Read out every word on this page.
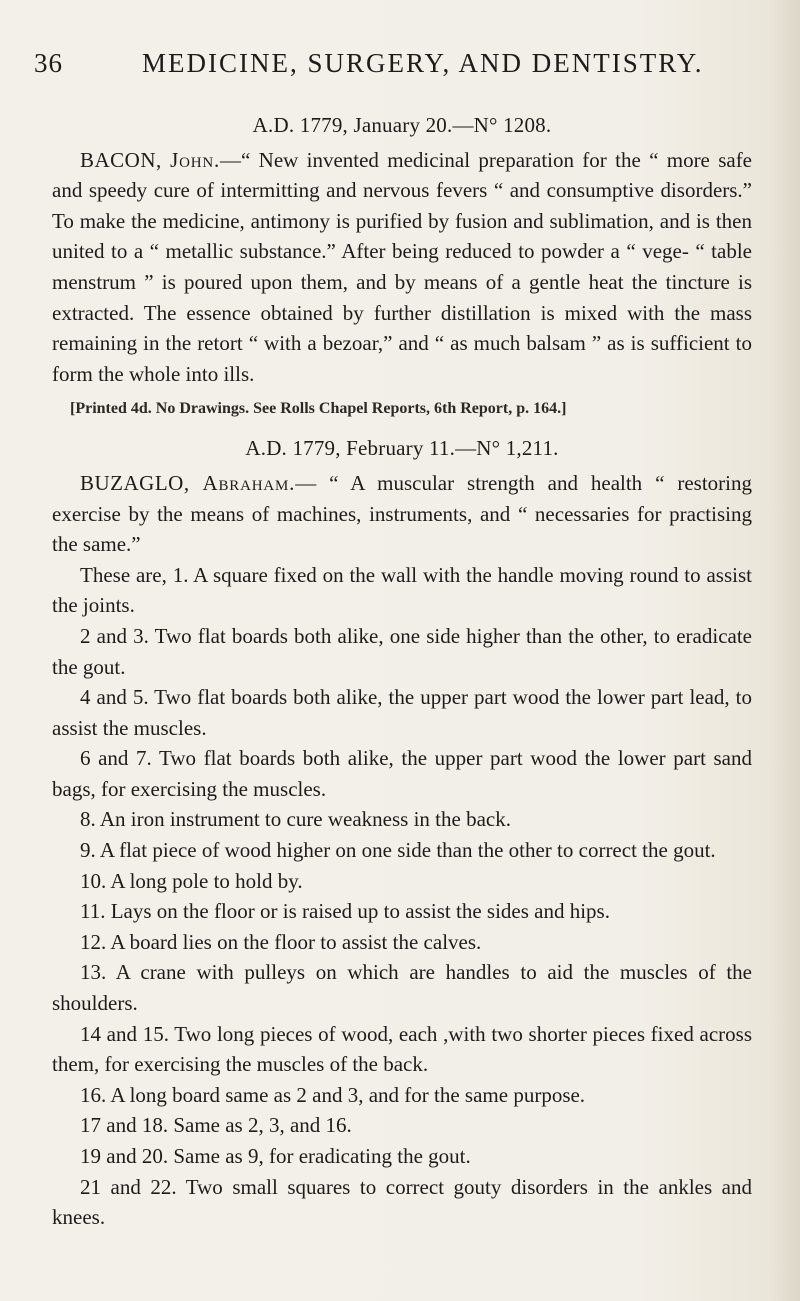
36	MEDICINE, SURGERY, AND DENTISTRY.
A.D. 1779, January 20.—N° 1208.

BACON, John.—“ New invented medicinal preparation for the “ more safe and speedy cure of intermitting and nervous fevers “ and consumptive disorders.” To make the medicine, antimony is purified by fusion and sublimation, and is then united to a “ metallic substance.” After being reduced to powder a “ vege- “ table menstrum ” is poured upon them, and by means of a gentle heat the tincture is extracted. The essence obtained by further distillation is mixed with the mass remaining in the retort “ with a bezoar,” and “ as much balsam ” as is sufficient to form the whole into ills.

[Printed 4d. No Drawings. See Rolls Chapel Reports, 6th Report, p. 164.]
A.D. 1779, February 11.—N° 1,211.

BUZAGLO, Abraham.— “ A muscular strength and health “ restoring exercise by the means of machines, instruments, and “ necessaries for practising the same.”

These are, 1. A square fixed on the wall with the handle moving round to assist the joints.

2 and 3. Two flat boards both alike, one side higher than the other, to eradicate the gout.

4 and 5. Two flat boards both alike, the upper part wood the lower part lead, to assist the muscles.

6 and 7. Two flat boards both alike, the upper part wood the lower part sand bags, for exercising the muscles.

8. An iron instrument to cure weakness in the back.

9. A flat piece of wood higher on one side than the other to correct the gout.

10. A long pole to hold by.

11. Lays on the floor or is raised up to assist the sides and hips.

12. A board lies on the floor to assist the calves.

13. A crane with pulleys on which are handles to aid the muscles of the shoulders.

14 and 15. Two long pieces of wood, each ,with two shorter pieces fixed across them, for exercising the muscles of the back.

16. A long board same as 2 and 3, and for the same purpose.

17 and 18. Same as 2, 3, and 16.

19 and 20. Same as 9, for eradicating the gout.

21 and 22. Two small squares to correct gouty disorders in the ankles and knees.
